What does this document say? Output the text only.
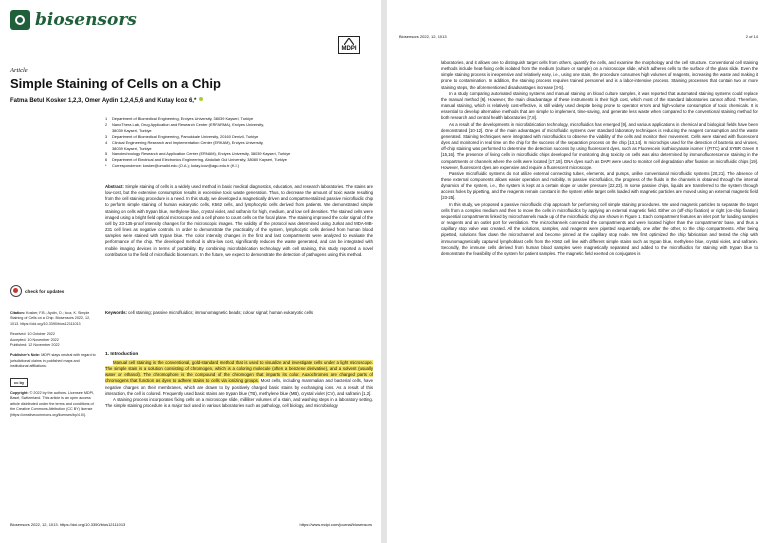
biosensors
MDPI
Article
Simple Staining of Cells on a Chip
Fatma Betul Kosker 1,2,3, Omer Aydin 1,2,4,5,6 and Kutay Icoz 6,*
1	Department of Biomedical Engineering, Erciyes University, 38039 Kayseri, Turkiye
2	NanoThera Lab, Drug Application and Research Center (ERFARMA), Erciyes University,
38039 Kayseri, Turkiye
3	Department of Biomedical Engineering, Pamukkale University, 20160 Denizli, Turkiye
4	Clinical Engineering Research and Implementation Center (ERKAM), Erciyes University,
38039 Kayseri, Turkiye
5	Nanotechnology Research and Application Center (ERNAM), Erciyes University, 38039 Kayseri, Turkiye
6	Department of Electrical and Electronics Engineering, Abdullah Gul University, 38080 Kayseri, Turkiye
*	Correspondence: kosker@omaild.edu (O.A.); kutay.icoz@agu.edu.tr (K.I.)
Abstract: Simple staining of cells is a widely used method in basic medical diagnostics, education, and research laboratories. The stains are low-cost, but the extensive consumption results in excessive toxic waste generation. Thus, to decrease the amount of toxic waste resulting from the cell staining procedure is a need. In this study, we developed a magnetically driven and compartmentalized passive microfluidic chip to perform simple staining of human eukaryotic cells, K562 cells, and lymphocytic cells derived from patients. We demonstrated simple staining on cells with trypan blue, methylene blue, crystal violet, and safranin for high, medium, and low cell densities. The stained cells were imaged using a bright field optical microscope and a cell phone to count cells on the focal plane. The staining improved the color signal of the cell by 23-135-proof intensity changes for the microscopic images. The validity of the protocol was determined using Jurkat and MDA-MB-231 cell lines as negative controls. In order to demonstrate the practicality of the system, lymphocytic cells derived from human blood samples were stained with trypan blue. The color intensity changes in the first and last compartments were analyzed to evaluate the performance of the chip. The developed method is ultra-low cost, significantly reduces the waste generated, and can be integrated with mobile imaging devices in terms of portability. By combining microfabrication technology with cell staining, this study reported a novel contribution to the field of microfluidic biosensors. In the future, we expect to demonstrate the detection of pathogens using this method.
Keywords: cell staining; passive microfluidics; immunomagnetic beads; colour signal; human eukaryotic cells
check for updates
Citation: Kosker, F.B.; Aydin, O.; Icoz, K. Simple Staining of Cells on a Chip. Biosensors 2022, 12, 1013. https://doi.org/10.3390/bios12111013
Received: 10 October 2022
Accepted: 10 November 2022
Published: 12 November 2022
Publisher's Note: MDPI stays neutral with regard to jurisdictional claims in published maps and institutional affiliations.
cc by
Copyright: © 2022 by the authors. Licensee MDPI, Basel, Switzerland. This article is an open access article distributed under the terms and conditions of the Creative Commons Attribution (CC BY) license (https://creativecommons.org/licenses/by/4.0/).
1. Introduction
Manual cell staining is the conventional, gold-standard method that is used to visualize and investigate cells under a light microscope. The simple stain is a solution consisting of chromogen, which is a coloring molecule (often a benzene derivative), and a solvent (usually water or ethanol). The chromophore is the compound of the chromogen that imparts its color. Auxochromes are charged parts of chromogens that function as dyes to adhere stains to cells via ionizing groups. Most cells, including mammalian and bacterial cells, have negative charges on their membranes, which are drawn to by positively charged basic stains by exchanging ions. As a result of this interaction, the cell is colored. Frequently used basic stains are trypan blue (TB), methylene blue (MB), crystal violet (CV), and safranin [1,2].
A staining process incorporates fixing cells on a microscope slide, milliliter volumes of a stain, and washing steps in a laboratory setting. The simple staining procedure is a major tool used in various laboratories such as pathology, cell biology, and microbiology
Biosensors 2022, 12, 1013. https://doi.org/10.3390/bios12111013	https://www.mdpi.com/journal/biosensors
Biosensors 2022, 12, 1013	2 of 14
laboratories, and it allows one to distinguish target cells from others, quantify the cells, and examine the morphology and the cell structure. Conventional cell staining methods include heat-fixing cells isolated from the medium (culture or sample) on a microscope slide, which adheres cells to the surface of the glass slide. Even the simple staining process is inexpensive and relatively easy, i.e., using one stain, the procedure consumes high volumes of reagents, increasing the waste and making it prone to contamination. In addition, the staining process requires trained personnel and is a labor-intensive process. Staining processes that contain two or more staining steps, the aforementioned disadvantages increase [3-5].
In a study comparing automated staining systems and manual staining on blood culture samples, it was reported that automated staining systems could replace the manual method [6]. However, the main disadvantage of these instruments is their high cost, which most of the standard laboratories cannot afford. Therefore, manual staining, which is relatively cost-effective, is still widely used despite being prone to operator errors and high-volume consumption of toxic chemicals. It is essential to develop alternative methods that are simple to implement, time-saving, and generate less waste when compared to the conventional staining method for both research and central health laboratories [7,8].
As a result of the developments in microfabrication technology, microfluidics has emerged [9], and various applications in chemical and biological fields have been demonstrated [10-12]. One of the main advantages of microfluidic systems over standard laboratory techniques is reducing the reagent consumption and the waste generated. Staining techniques were integrated with microfluidics to observe the viability of the cells and monitor their movement. Cells were stained with fluorescent dyes and monitored in real time on the chip for the success of the separation process on the chip [13,14]. In microchips used for the detection of bacteria and viruses, off-chip staining was performed to determine the detection success by using fluorescent dyes, such as Fluorescein isothiocyanate isomer I (FITC) and SYBR Green II [15,16]. The presence of living cells in microfluidic chips developed for monitoring drug toxicity on cells was also determined by immunofluorescence staining in the compartments or channels where the cells were located [17,18]. DNA dyes such as DAPI were used to monitor cell degradation after fixation on microfluidic chips [19]. However, fluorescent dyes are expensive and require a fluorescent microscope.
Passive microfluidic systems do not utilize external connecting tubes, elements, and pumps, unlike conventional microfluidic systems [20,21]. The absence of these external components allows easier operation and mobility. In passive microfluidics, the progress of the fluids in the channels is obtained through the internal dynamics of the system, i.e., the system is kept at a certain slope or under pressure [22,23]. In some passive chips, liquids are transferred to the system through access holes by pipetting, and the reagents remain constant in the system while target cells loaded with magnetic particles are moved using an external magnetic field [23-25].
In this study, we proposed a passive microfluidic chip approach for performing cell simple staining procedures. We used magnetic particles to separate the target cells from a complex medium and then to move the cells in microfluidics by applying an external magnetic field. Either on (off-chip fixation) or right (on-chip fixation) sequential compartments linked by microchannels made up of the microfluidic chip are shown in Figure 1. Each compartment features an inlet port for loading samples or reagents and an outlet port for ventilation. The microchannels connected the compartments and were located higher than the compartments' base, and thus a capillary stop valve was created. All the solutions, samples, and reagents were pipetted sequentially, one after the other, to the chip compartments. After being pipetted, solutions flow down the microchannel and become pinned at the capillary stop node. We first optimized the chip fabrication and tested the chip with immunomagnetically captured lymphoblast cells from the K562 cell line with different simple stains such as trypan blue, methylene blue, crystal violet, and safranin. Secondly, the immune cells derived from human blood samples were magnetically separated and added to the microfluidics for staining with trypan blue to demonstrate the feasibility of the system for patient samples. The magnetic field exerted on conjugates is
